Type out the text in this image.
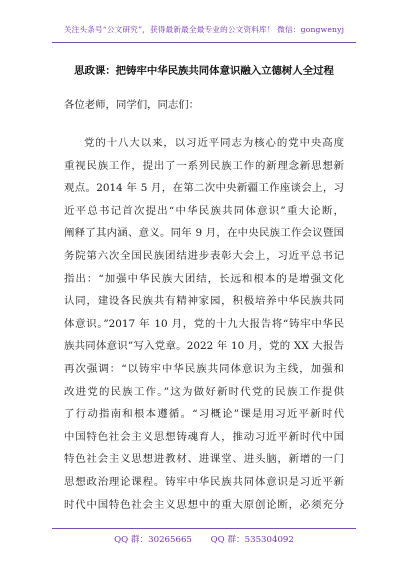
关注头条号“公文研究”，获得最新最全最专业的公文资料库！ 微信：gongwenyj
思政课：把铸牢中华民族共同体意识融入立德树人全过程
各位老师，同学们，同志们：
党的十八大以来，以习近平同志为核心的党中央高度
重视民族工作，提出了一系列民族工作的新理念新思想新
观点。2014 年 5 月，在第二次中央新疆工作座谈会上，习
近平总书记首次提出“中华民族共同体意识”重大论断，
阐释了其内涵、意义。同年 9 月，在中央民族工作会议暨国
务院第六次全国民族团结进步表彰大会上，习近平总书记
指出：“加强中华民族大团结，长远和根本的是增强文化
认同，建设各民族共有精神家园，积极培养中华民族共同
体意识。”2017 年 10 月，党的十九大报告将“铸牢中华民
族共同体意识”写入党章。2022 年 10 月，党的 XX 大报告
再次强调：“以铸牢中华民族共同体意识为主线，加强和
改进党的民族工作。”这为做好新时代党的民族工作提供
了行动指南和根本遵循。“习概论”课是用习近平新时代
中国特色社会主义思想铸魂育人，推动习近平新时代中国
特色社会主义思想进教材、进课堂、进头脑，新增的一门
思想政治理论课程。铸牢中华民族共同体意识是习近平新
时代中国特色社会主义思想中的重大原创论断，必须充分
QQ 群：30265665 QQ 群：535304092
